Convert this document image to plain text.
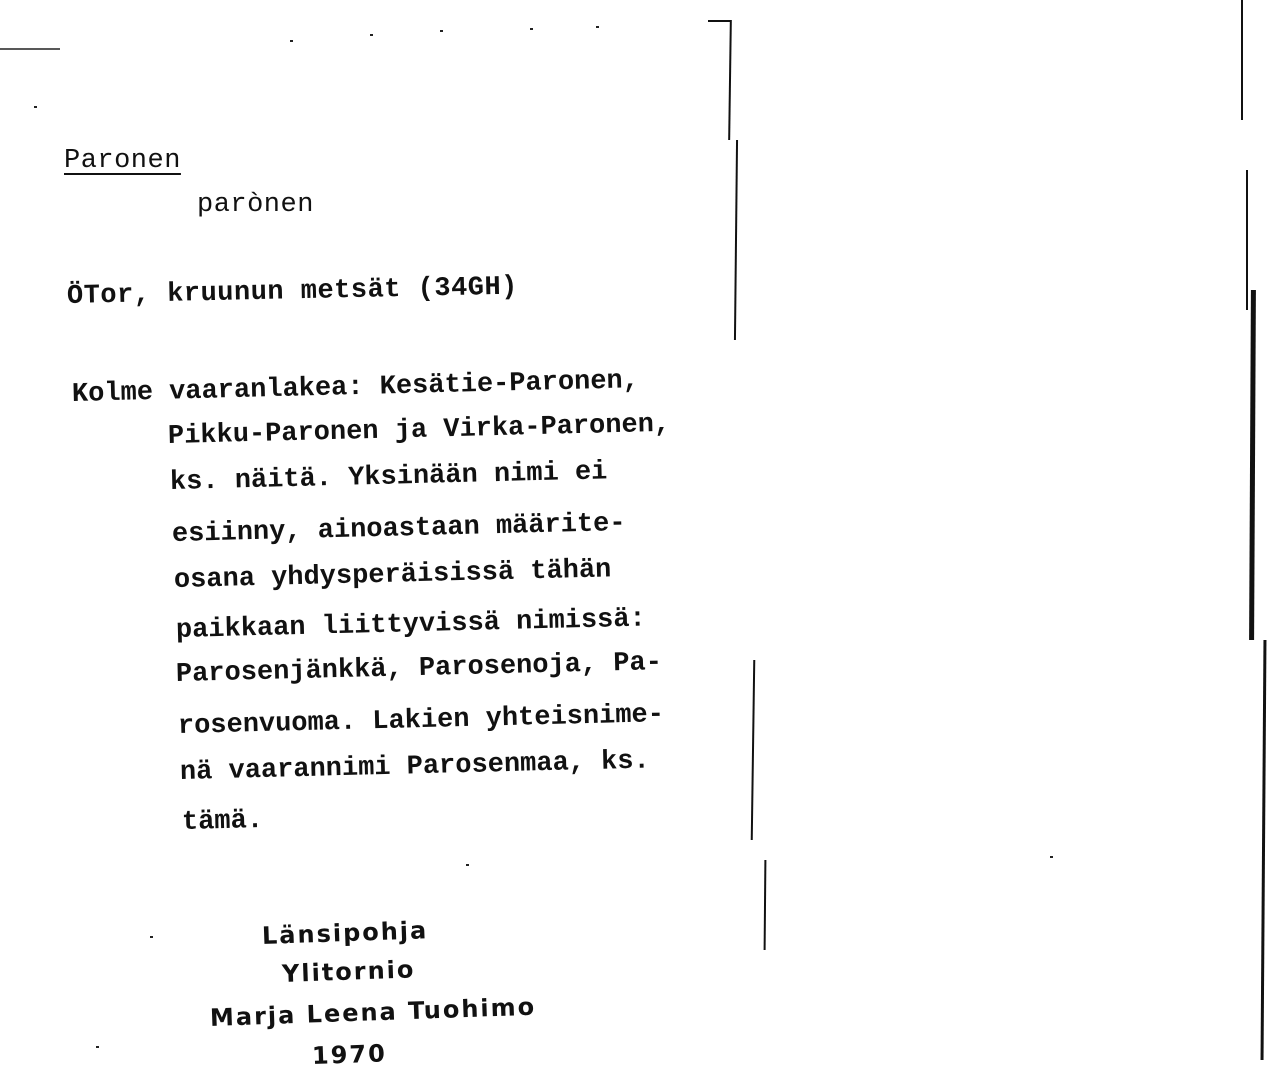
Paronen
parònen
ÖTor, kruunun metsät (34GH)
Kolme vaaranlakea: Kesätie-Paronen,
Pikku-Paronen ja Virka-Paronen,
ks. näitä. Yksinään nimi ei
esiinny, ainoastaan määrite-
osana yhdysperäisissä tähän
paikkaan liittyvissä nimissä:
Parosenjänkkä, Parosenoja, Pa-
rosenvuoma. Lakien yhteisnime-
nä vaarannimi Parosenmaa, ks.
tämä.
Länsipohja
Ylitornio
Marja Leena Tuohimo
1970
